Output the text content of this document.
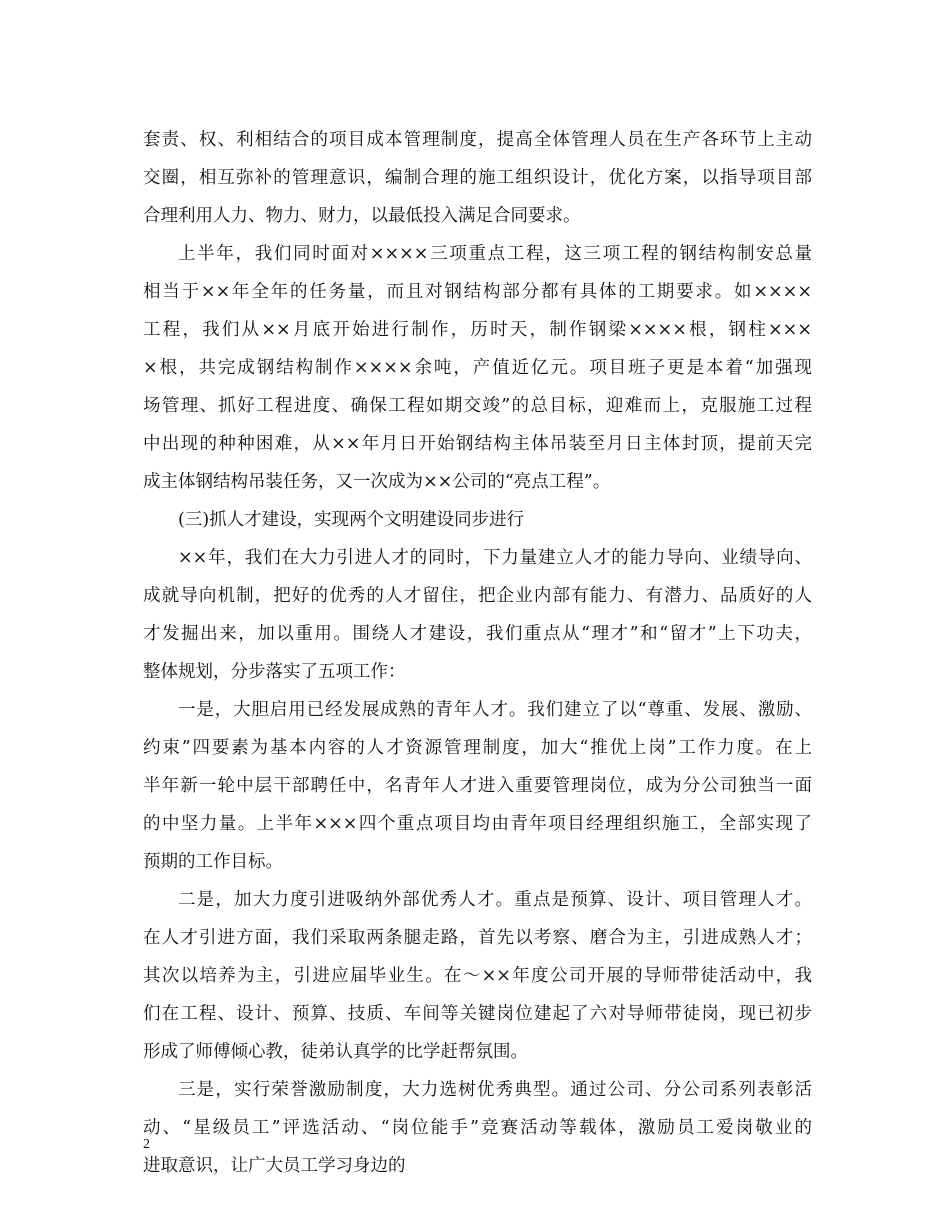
套责、权、利相结合的项目成本管理制度，提高全体管理人员在生产各环节上主动
交圈，相互弥补的管理意识，编制合理的施工组织设计，优化方案，以指导项目部
合理利用人力、物力、财力，以最低投入满足合同要求。
上半年，我们同时面对××××三项重点工程，这三项工程的钢结构制安总量
相当于××年全年的任务量，而且对钢结构部分都有具体的工期要求。如××××
工程，我们从××月底开始进行制作，历时天，制作钢梁××××根，钢柱×××
×根，共完成钢结构制作××××余吨，产值近亿元。项目班子更是本着“加强现
场管理、抓好工程进度、确保工程如期交竣”的总目标，迎难而上，克服施工过程
中出现的种种困难，从××年月日开始钢结构主体吊装至月日主体封顶，提前天完
成主体钢结构吊装任务，又一次成为××公司的“亮点工程”。
(三)抓人才建设，实现两个文明建设同步进行
××年，我们在大力引进人才的同时，下力量建立人才的能力导向、业绩导向、
成就导向机制，把好的优秀的人才留住，把企业内部有能力、有潜力、品质好的人
才发掘出来，加以重用。围绕人才建设，我们重点从“理才”和“留才”上下功夫，
整体规划，分步落实了五项工作：
一是，大胆启用已经发展成熟的青年人才。我们建立了以“尊重、发展、激励、
约束”四要素为基本内容的人才资源管理制度，加大“推优上岗”工作力度。在上
半年新一轮中层干部聘任中，名青年人才进入重要管理岗位，成为分公司独当一面
的中坚力量。上半年×××四个重点项目均由青年项目经理组织施工，全部实现了
预期的工作目标。
二是，加大力度引进吸纳外部优秀人才。重点是预算、设计、项目管理人才。
在人才引进方面，我们采取两条腿走路，首先以考察、磨合为主，引进成熟人才；
其次以培养为主，引进应届毕业生。在～××年度公司开展的导师带徒活动中，我
们在工程、设计、预算、技质、车间等关键岗位建起了六对导师带徒岗，现已初步
形成了师傅倾心教，徒弟认真学的比学赶帮氛围。
三是，实行荣誉激励制度，大力选树优秀典型。通过公司、分公司系列表彰活
动、“星级员工”评选活动、“岗位能手”竞赛活动等载体，激励员工爱岗敬业的
进取意识，让广大员工学习身边的
2
